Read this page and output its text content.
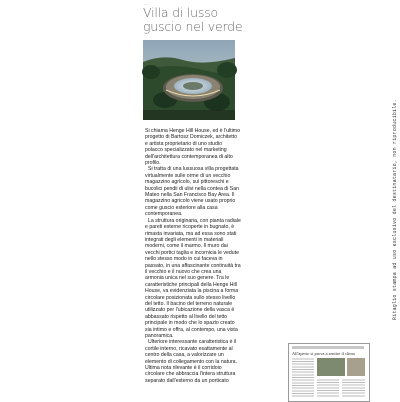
...
Villa di lusso
guscio nel verde

Si chiama Henge Hill House, ed è l'ultimo progetto di Bartosz Domiczek, architetto e artista proprietario di uno studio polacco specializzato nel marketing dell'architettura contemporanea di alto profilo.

Si tratta di una lussuosa villa progettata virtualmente sulle orme di un vecchio magazzino agricolo, sui pittoreschi e bucolici pendii di ulivi nella contea di San Mateo nella San Francisco Bay Area. Il magazzino agricolo viene usato proprio come guscio esteriore alla casa contemporanea.

La struttura originaria, con pianta radiale e pareti esterne ricoperte in bugnato, è rimasta invariata, ma ad essa sono stati integrati degli elementi in materiali moderni, come il marmo. Il muro dai vecchi portici taglia e incornicia le vedute nello stesso modo in cui faceva in passato, in una affascinante continuità tra il vecchio e il nuovo che crea una armonia unica nel suo genere. Tra le caratteristiche principali della Henge Hill House, va evidenziata la piscina a forma circolare posizionata sullo stesso livello del tetto. Il bacino del terreno naturale utilizzato per l'ubicazione della vasca è abbassato rispetto al livello del tetto principale in modo che lo spazio creato sia intimo e offra, al contempo, una vista panoramica.

Ulteriore interessante caratteristica è il cortile interno, ricavato esattamente al centro della casa, a valorizzare un elemento di collegamento con la natura. Ultima nota rilevante è il corridoio circolare che abbraccia l'intera struttura separato dall'esterno da un porticato

Ritaglio stampa ad uso esclusivo del destinatario, non riproducibile.
All'aperto si prova a sentire il clima
